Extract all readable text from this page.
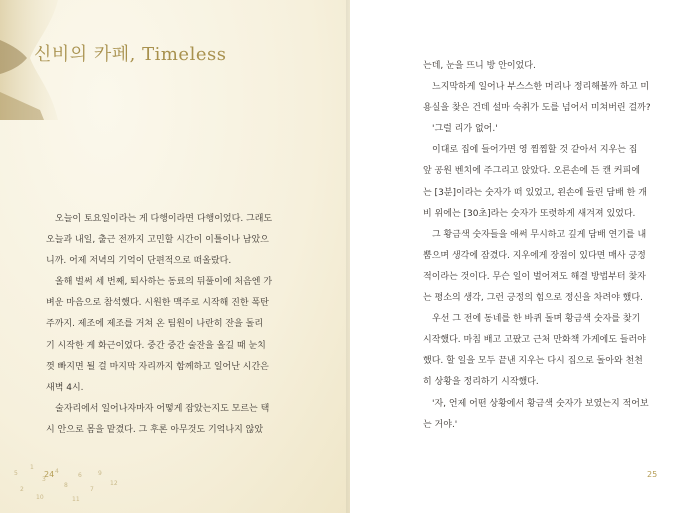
신비의 카페, Timeless

오늘이 토요일이라는 게 다행이라면 다행이었다. 그래도
오늘과 내일, 출근 전까지 고민할 시간이 이틀이나 남았으
니까. 어제 저녁의 기억이 단편적으로 떠올랐다.

올해 벌써 세 번째, 퇴사하는 동료의 뒤풀이에 처음엔 가
벼운 마음으로 참석했다. 시원한 맥주로 시작해 진한 폭탄
주까지. 제조에 제조를 거쳐 온 팀원이 나란히 잔을 돌리
기 시작한 게 화근이었다. 중간 중간 술잔을 올길 때 눈치
껏 빠지면 될 걸 마지막 자리까지 함께하고 일어난 시간은
새벽 4시.

술자리에서 일어나자마자 어떻게 잡았는지도 모르는 택
시 안으로 몸을 맡겼다. 그 후론 아무것도 기억나지 않았

24
5
1
3
2
4
8
6
7
9
10	11
12

는데, 눈을 뜨니 방 안이었다.

느지막하게 일어나 부스스한 머리나 정리해볼까 하고 미
용실을 찾은 건데 설마 숙취가 도를 넘어서 미쳐버린 걸까?

'그럴 리가 없어.'

이대로 집에 들어가면 영 찜찜할 것 같아서 지우는 집
앞 공원 벤치에 주그리고 앉았다. 오른손에 든 캔 커피에
는 [3분]이라는 숫자가 떠 있었고, 왼손에 들린 담배 한 개
비 위에는 [30초]라는 숫자가 또렷하게 새겨져 있었다.

그 황금색 숫자들을 애써 무시하고 깊게 담배 연기를 내
뿜으며 생각에 잠겼다. 지우에게 장점이 있다면 매사 긍정
적이라는 것이다. 무슨 일이 벌어져도 해결 방법부터 찾자
는 평소의 생각, 그런 긍정의 힘으로 정신을 차려야 했다.

우선 그 전에 동네를 한 바퀴 돌며 황금색 숫자를 찾기
시작했다. 마침 배고 고팠고 근처 만화책 가게에도 들러야
했다. 할 일을 모두 끝낸 지우는 다시 집으로 돌아와 천천
히 상황을 정리하기 시작했다.

'자, 언제 어떤 상황에서 황금색 숫자가 보였는지 적어보
는 거야.'

25
